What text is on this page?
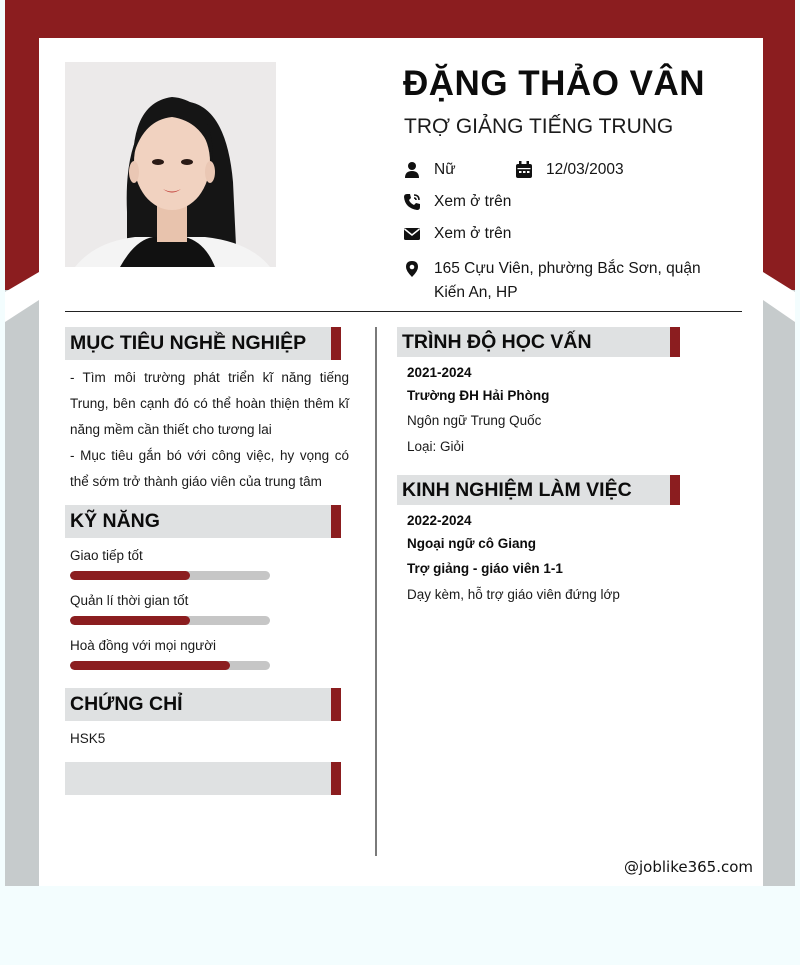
ĐẶNG THẢO VÂN
TRỢ GIẢNG TIẾNG TRUNG
Nữ	12/03/2003
Xem ở trên
Xem ở trên
165 Cựu Viên, phường Bắc Sơn, quận Kiến An, HP
MỤC TIÊU NGHỀ NGHIỆP
- Tìm môi trường phát triển kĩ năng tiếng Trung, bên cạnh đó có thể hoàn thiện thêm kĩ năng mềm cần thiết cho tương lai
- Mục tiêu gắn bó với công việc, hy vọng có thể sớm trở thành giáo viên của trung tâm
KỸ NĂNG
Giao tiếp tốt
Quản lí thời gian tốt
Hoà đồng với mọi người
CHỨNG CHỈ
HSK5
TRÌNH ĐỘ HỌC VẤN
2021-2024
Trường ĐH Hải Phòng
Ngôn ngữ Trung Quốc
Loại: Giỏi
KINH NGHIỆM LÀM VIỆC
2022-2024
Ngoại ngữ cô Giang
Trợ giảng - giáo viên 1-1
Dạy kèm, hỗ trợ giáo viên đứng lớp
@joblike365.com
